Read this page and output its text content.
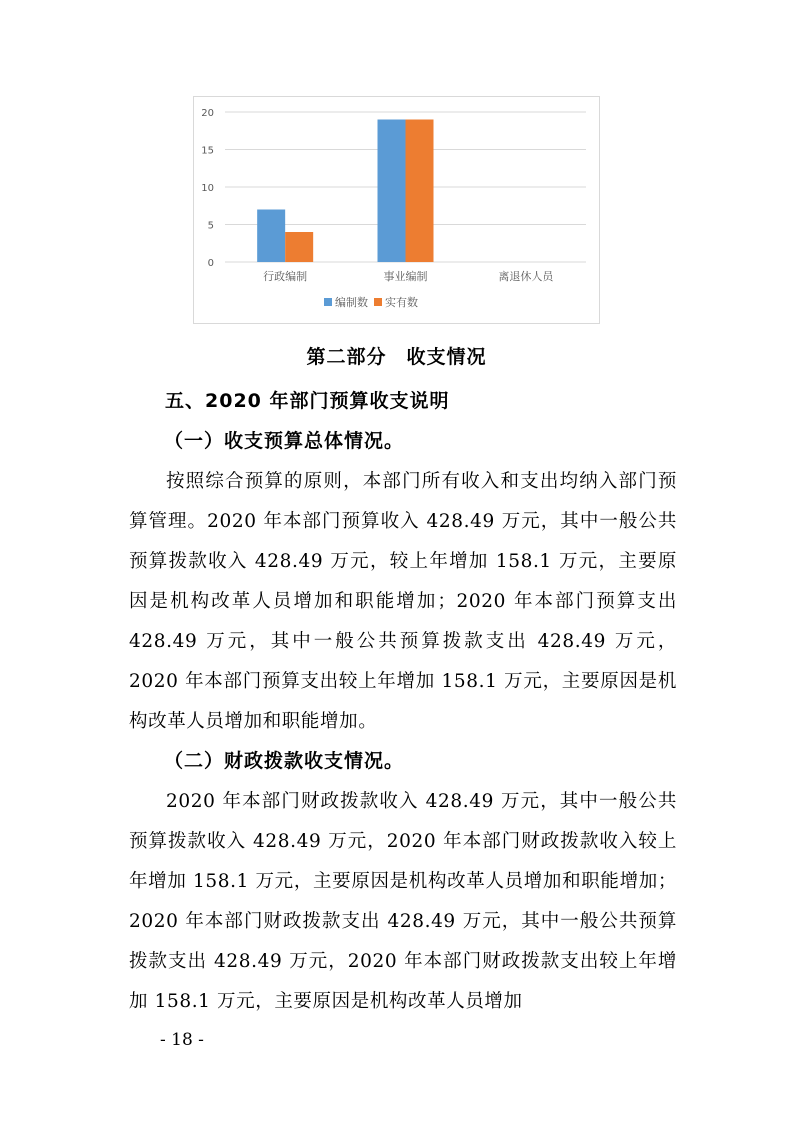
0
5
10
15
20
行政编制	事业编制	离退休人员
编制数 实有数
第二部分　收支情况
五、2020 年部门预算收支说明
（一）收支预算总体情况。

按照综合预算的原则，本部门所有收入和支出均纳入部门预算管理。2020 年本部门预算收入 428.49 万元，其中一般公共预算拨款收入 428.49 万元，较上年增加 158.1 万元，主要原因是机构改革人员增加和职能增加；2020 年本部门预算支出 428.49 万元，其中一般公共预算拨款支出 428.49 万元，2020 年本部门预算支出较上年增加 158.1 万元，主要原因是机构改革人员增加和职能增加。

（二）财政拨款收支情况。

2020 年本部门财政拨款收入 428.49 万元，其中一般公共预算拨款收入 428.49 万元，2020 年本部门财政拨款收入较上年增加 158.1 万元，主要原因是机构改革人员增加和职能增加；2020 年本部门财政拨款支出 428.49 万元，其中一般公共预算拨款支出 428.49 万元，2020 年本部门财政拨款支出较上年增加 158.1 万元，主要原因是机构改革人员增加

- 18 -
